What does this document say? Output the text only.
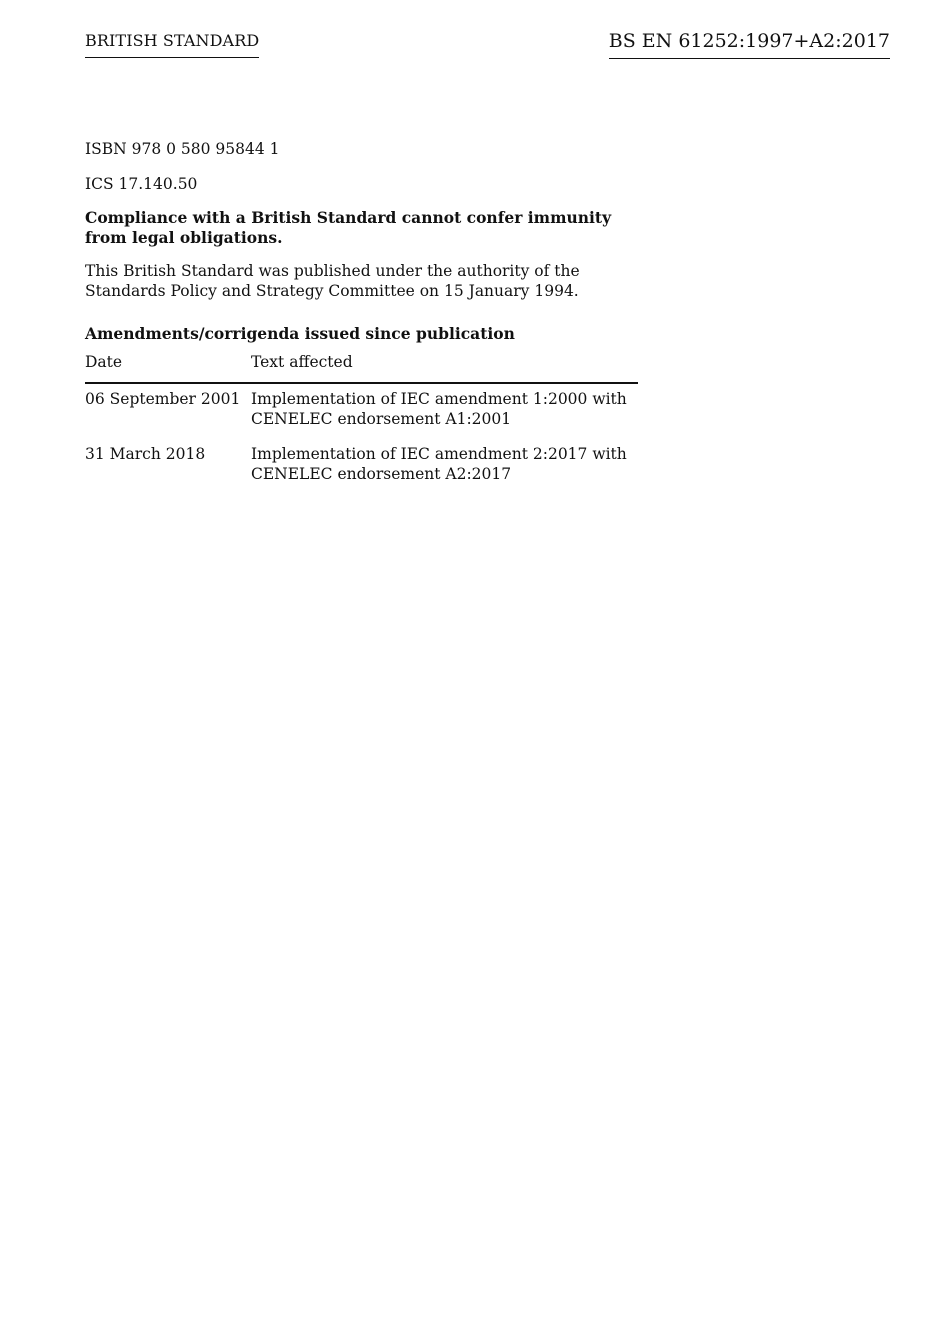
BRITISH STANDARD	BS EN 61252:1997+A2:2017

ISBN 978 0 580 95844 1

ICS 17.140.50

Compliance with a British Standard cannot confer immunity from legal obligations.

This British Standard was published under the authority of the Standards Policy and Strategy Committee on 15 January 1994.

Amendments/corrigenda issued since publication

Date	Text affected
06 September 2001	Implementation of IEC amendment 1:2000 with CENELEC endorsement A1:2001
31 March 2018	Implementation of IEC amendment 2:2017 with CENELEC endorsement A2:2017
